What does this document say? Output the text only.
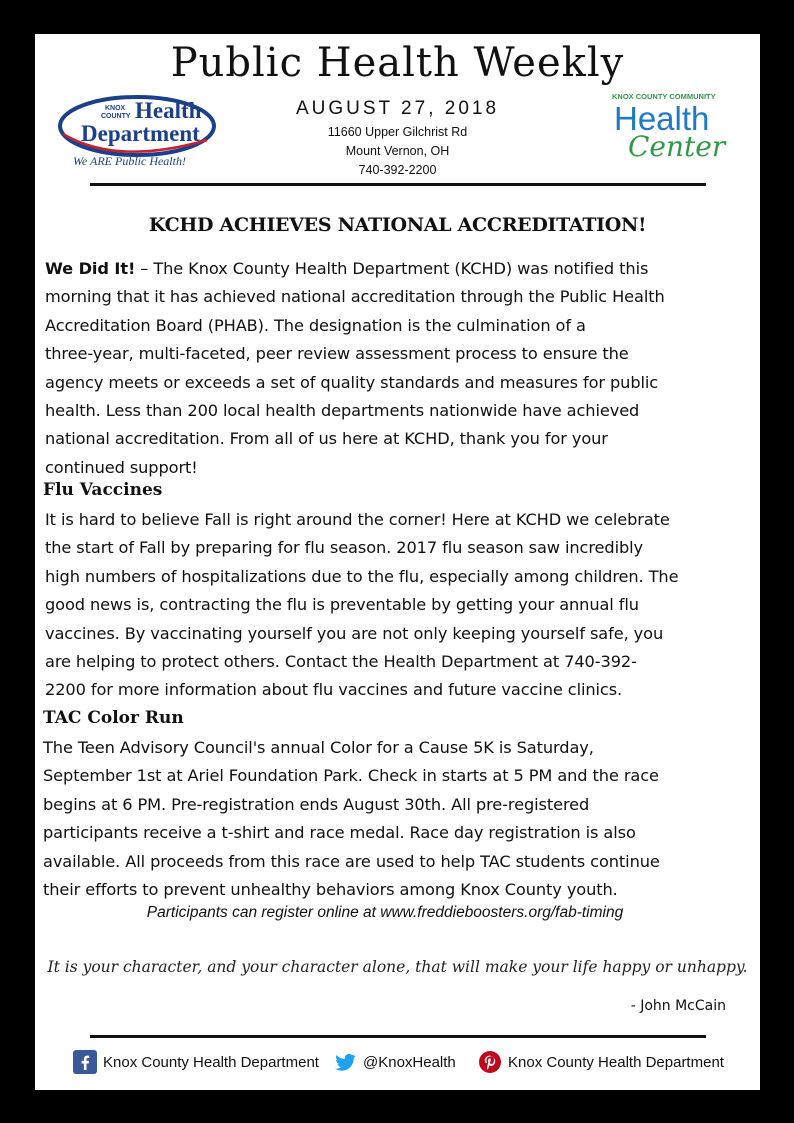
Public Health Weekly
KNOX
COUNTY Health
Department
We ARE Public Health!
KNOX COUNTY COMMUNITY
Health
Center
AUGUST 27, 2018
11660 Upper Gilchrist Rd
Mount Vernon, OH
740-392-2200
KCHD ACHIEVES NATIONAL ACCREDITATION!
We Did It! – The Knox County Health Department (KCHD) was notified this
morning that it has achieved national accreditation through the Public Health
Accreditation Board (PHAB). The designation is the culmination of a
three-year, multi-faceted, peer review assessment process to ensure the
agency meets or exceeds a set of quality standards and measures for public
health. Less than 200 local health departments nationwide have achieved
national accreditation. From all of us here at KCHD, thank you for your
continued support!
Flu Vaccines
It is hard to believe Fall is right around the corner! Here at KCHD we celebrate
the start of Fall by preparing for flu season. 2017 flu season saw incredibly
high numbers of hospitalizations due to the flu, especially among children. The
good news is, contracting the flu is preventable by getting your annual flu
vaccines. By vaccinating yourself you are not only keeping yourself safe, you
are helping to protect others. Contact the Health Department at 740-392-
2200 for more information about flu vaccines and future vaccine clinics.
TAC Color Run
The Teen Advisory Council's annual Color for a Cause 5K is Saturday,
September 1st at Ariel Foundation Park. Check in starts at 5 PM and the race
begins at 6 PM. Pre-registration ends August 30th. All pre-registered
participants receive a t-shirt and race medal. Race day registration is also
available. All proceeds from this race are used to help TAC students continue
their efforts to prevent unhealthy behaviors among Knox County youth.
Participants can register online at www.freddieboosters.org/fab-timing
It is your character, and your character alone, that will make your life happy or unhappy.
- John McCain
Knox County Health Department	@KnoxHealth	Knox County Health Department
